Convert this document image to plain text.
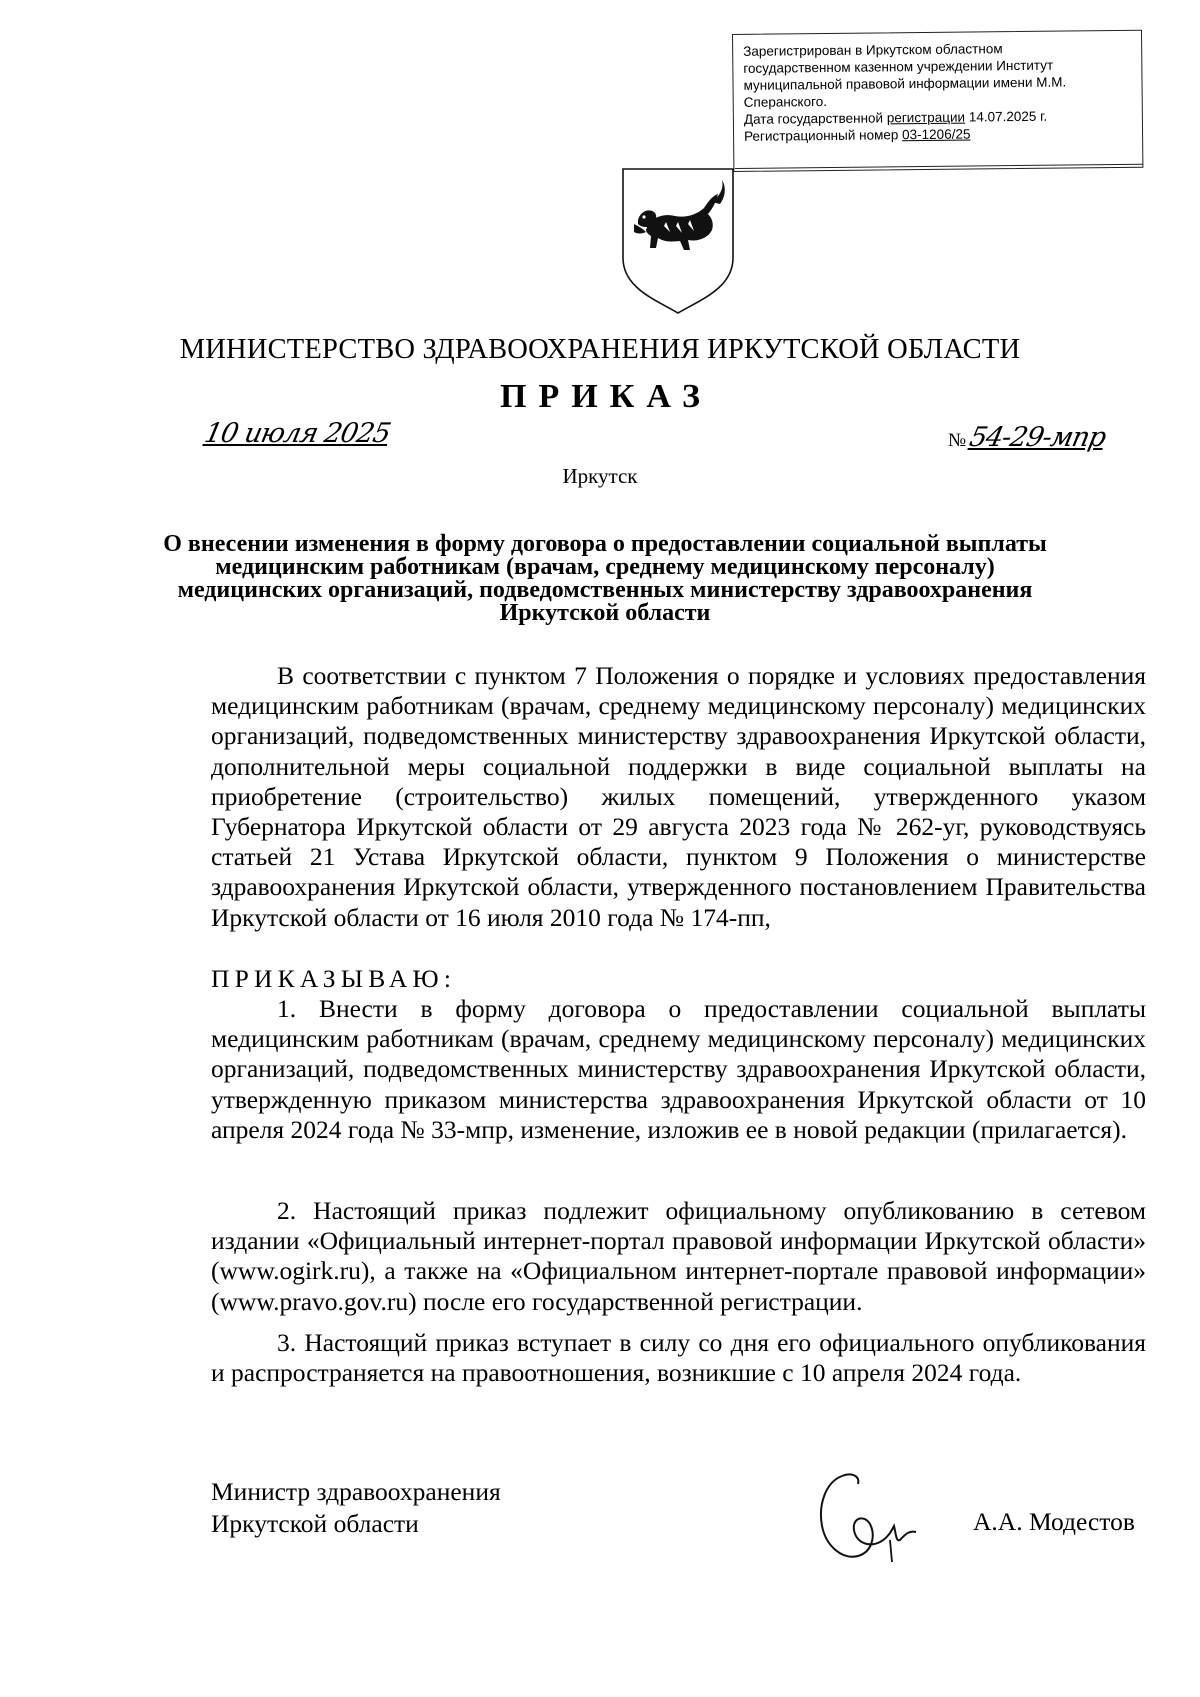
Зарегистрирован в Иркутском областном
государственном казенном учреждении Институт
муниципальной правовой информации имени М.М.
Сперанского.
Дата государственной регистрации 14.07.2025 г.
Регистрационный номер 03-1206/25
МИНИСТЕРСТВО ЗДРАВООХРАНЕНИЯ ИРКУТСКОЙ ОБЛАСТИ
ПРИКАЗ
10 июля 2025	№ 54-29-мпр
Иркутск
О внесении изменения в форму договора о предоставлении социальной выплаты медицинским работникам (врачам, среднему медицинскому персоналу) медицинских организаций, подведомственных министерству здравоохранения Иркутской области
В соответствии с пунктом 7 Положения о порядке и условиях предоставления медицинским работникам (врачам, среднему медицинскому персоналу) медицинских организаций, подведомственных министерству здравоохранения Иркутской области, дополнительной меры социальной поддержки в виде социальной выплаты на приобретение (строительство) жилых помещений, утвержденного указом Губернатора Иркутской области от 29 августа 2023 года № 262-уг, руководствуясь статьей 21 Устава Иркутской области, пунктом 9 Положения о министерстве здравоохранения Иркутской области, утвержденного постановлением Правительства Иркутской области от 16 июля 2010 года № 174-пп,
ПРИКАЗЫВАЮ:
1. Внести в форму договора о предоставлении социальной выплаты медицинским работникам (врачам, среднему медицинскому персоналу) медицинских организаций, подведомственных министерству здравоохранения Иркутской области, утвержденную приказом министерства здравоохранения Иркутской области от 10 апреля 2024 года № 33-мпр, изменение, изложив ее в новой редакции (прилагается).
2. Настоящий приказ подлежит официальному опубликованию в сетевом издании «Официальный интернет-портал правовой информации Иркутской области» (www.ogirk.ru), а также на «Официальном интернет-портале правовой информации» (www.pravo.gov.ru) после его государственной регистрации.
3. Настоящий приказ вступает в силу со дня его официального опубликования и распространяется на правоотношения, возникшие с 10 апреля 2024 года.
Министр здравоохранения
Иркутской области	А.А. Модестов
